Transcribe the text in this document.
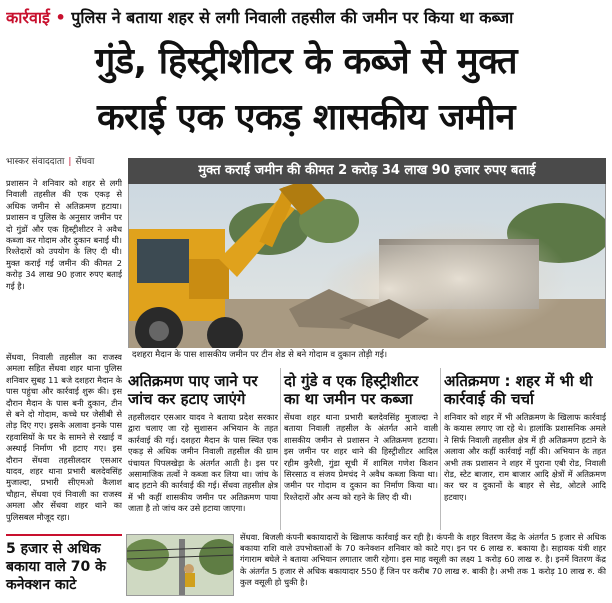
कार्रवाई • पुलिस ने बताया शहर से लगी निवाली तहसील की जमीन पर किया था कब्जा
गुंडे, हिस्ट्रीशीटर के कब्जे से मुक्त
कराई एक एकड़ शासकीय जमीन
भास्कर संवाददाता | सेंधवा
प्रशासन ने शनिवार को शहर से लगी निवाली तहसील की एक एकड़ से अधिक जमीन से अतिक्रमण हटाया। प्रशासन व पुलिस के अनुसार जमीन पर दो गुंडों और एक हिस्ट्रीशीटर ने अवैध कब्जा कर गोदाम और दुकान बनाई थी। रिश्तेदारों को उपयोग के लिए दी थी। मुक्त कराई गई जमीन की कीमत 2 करोड़ 34 लाख 90 हजार रुपए बताई गई है।
सेंधवा, निवाली तहसील का राजस्व अमला सहित सेंधवा शहर थाना पुलिस शनिवार सुबह 11 बजे दशहरा मैदान के पास पहुंचा और कार्रवाई शुरू की। इस दौरान मैदान के पास बनी दुकान, टीन से बने दो गोदाम, कच्चे घर जेसीबी से तोड़ दिए गए। इसके अलावा इनके पास रहवासियों के घर के सामने से रखाई व अस्थाई निर्माण भी हटाए गए। इस दौरान सेंधवा तहसीलदार एसआर यादव, शहर थाना प्रभारी बलदेवसिंह मुजाल्दा, प्रभारी सीएमओ कैलाश चौहान, सेंधवा एवं निवाली का राजस्व अमला और सेंधवा शहर थाने का पुलिसबल मौजूद रहा।
मुक्त कराई जमीन की कीमत 2 करोड़ 34 लाख 90 हजार रुपए बताई
दशहरा मैदान के पास शासकीय जमीन पर टीन शेड से बने गोदाम व दुकान तोड़ी गई।
अतिक्रमण पाए जाने पर जांच कर हटाए जाएंगे
तहसीलदार एसआर यादव ने बताया प्रदेश सरकार द्वारा चलाए जा रहे सुशासन अभियान के तहत कार्रवाई की गई। दशहरा मैदान के पास स्थित एक एकड़ से अधिक जमीन निवाली तहसील की ग्राम पंचायत पिपलखेड़ा के अंतर्गत आती है। इस पर असामाजिक तत्वों ने कब्जा कर लिया था। जांच के बाद हटाने की कार्रवाई की गई। सेंधवा तहसील क्षेत्र में भी कहीं शासकीय जमीन पर अतिक्रमण पाया जाता है तो जांच कर उसे हटाया जाएगा।
दो गुंडे व एक हिस्ट्रीशीटर का था जमीन पर कब्जा
सेंधवा शहर थाना प्रभारी बलदेवसिंह मुजाल्दा ने बताया निवाली तहसील के अंतर्गत आने वाली शासकीय जमीन से प्रशासन ने अतिक्रमण हटाया। इस जमीन पर शहर थाने की हिस्ट्रीशीटर आदिल रहीम कुरैशी, गुंडा सूची में शामिल गणेश किशन सिरसाठ व संजय प्रेमचंद ने अवैध कब्जा किया था। जमीन पर गोदाम व दुकान का निर्माण किया था। रिश्तेदारों और अन्य को रहने के लिए दी थी।
अतिक्रमण : शहर में भी थी कार्रवाई की चर्चा
शनिवार को शहर में भी अतिक्रमण के खिलाफ कार्रवाई के कयास लगाए जा रहे थे। हालांकि प्रशासनिक अमले ने सिर्फ निवाली तहसील क्षेत्र में ही अतिक्रमण हटाने के अलावा और कहीं कार्रवाई नहीं की। अभियान के तहत अभी तक प्रशासन ने शहर में पुराना एबी रोड, निवाली रोड, स्टेट बाजार, राम बाजार आदि क्षेत्रों में अतिक्रमण कर चर व दुकानों के बाहर से सेड, ओटले आदि हटवाए।
5 हजार से अधिक बकाया वाले 70 के कनेक्शन काटे
सेंधवा. बिजली कंपनी बकायादारों के खिलाफ कार्रवाई कर रही है। कंपनी के शहर वितरण केंद्र के अंतर्गत 5 हजार से अधिक बकाया राशि वाले उपभोक्ताओं के 70 कनेक्शन शनिवार को काटे गए। इन पर 6 लाख रु. बकाया है। सहायक यंत्री शहर गंगाराम बघेले ने बताया अभियान लगातार जारी रहेगा। इस माह वसूली का लक्ष्य 1 करोड़ 60 लाख रु. है। इनमें वितरण केंद्र के अंतर्गत 5 हजार से अधिक बकायादार 550 हैं जिन पर करीब 70 लाख रु. बाकी है। अभी तक 1 करोड़ 10 लाख रु. की कुल वसूली हो चुकी है।
